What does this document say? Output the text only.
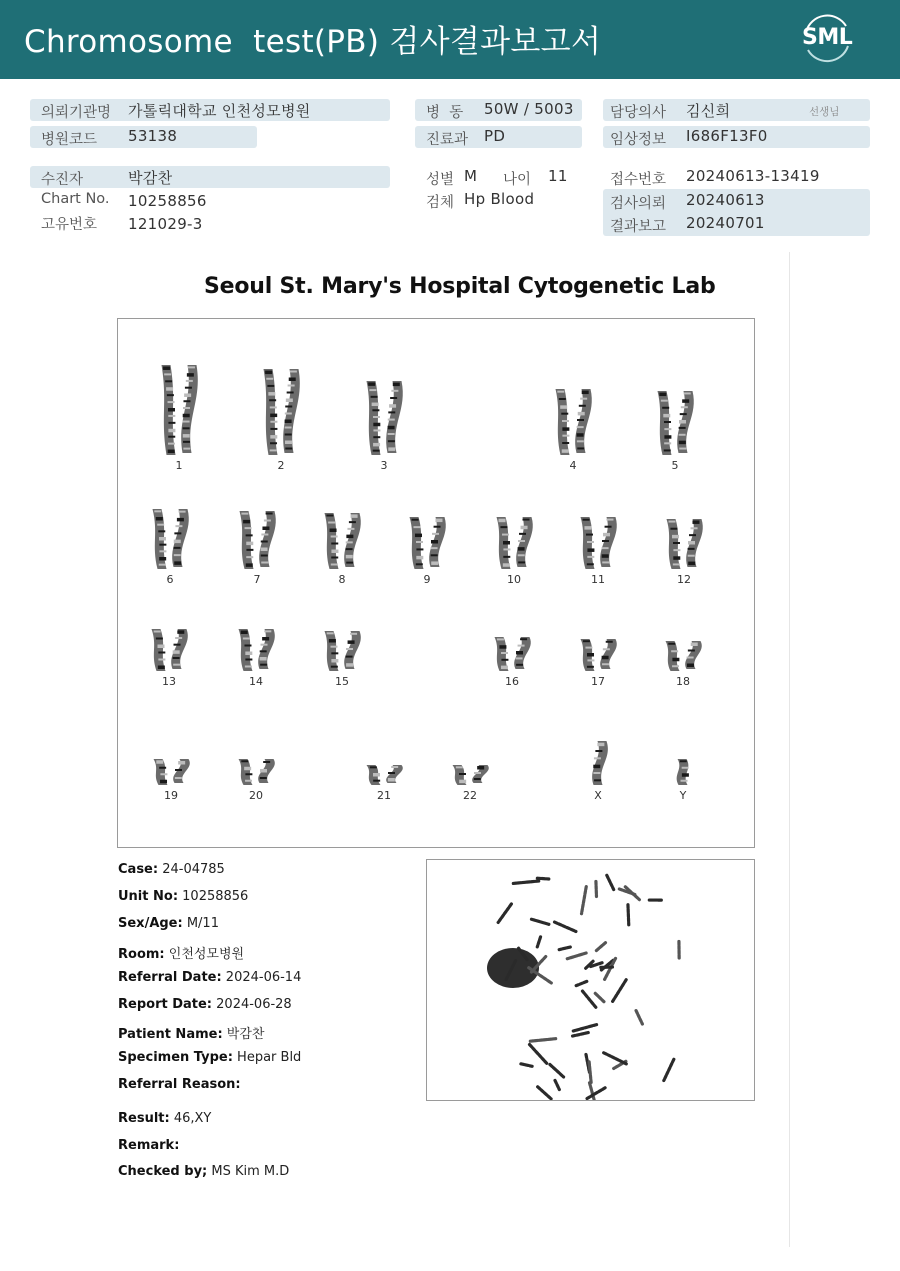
Chromosome  test(PB) 검사결과보고서	SML
의뢰기관명 가톨릭대학교 인천성모병원
병원코드 53138
수진자	박감찬
Chart No. 10258856
고유번호 121029-3
병  동 50W / 5003
진료과 PD
성별 M 나이 11
검체 Hp Blood
담당의사 김신희	선생님
임상정보 I686F13F0
접수번호 20240613-13419
검사의뢰 20240613
결과보고 20240701
Seoul St. Mary's Hospital Cytogenetic Lab
1	2	3	4	5
6	7	8	9	10	11	12
13	14	15	16	17	18
19	20	21	22	X	Y
Case: 24-04785
Unit No: 10258856
Sex/Age: M/11
Room: 인천성모병원
Referral Date: 2024-06-14
Report Date: 2024-06-28
Patient Name: 박감찬
Specimen Type: Hepar Bld
Referral Reason:
Result: 46,XY
Remark:
Checked by; MS Kim M.D
